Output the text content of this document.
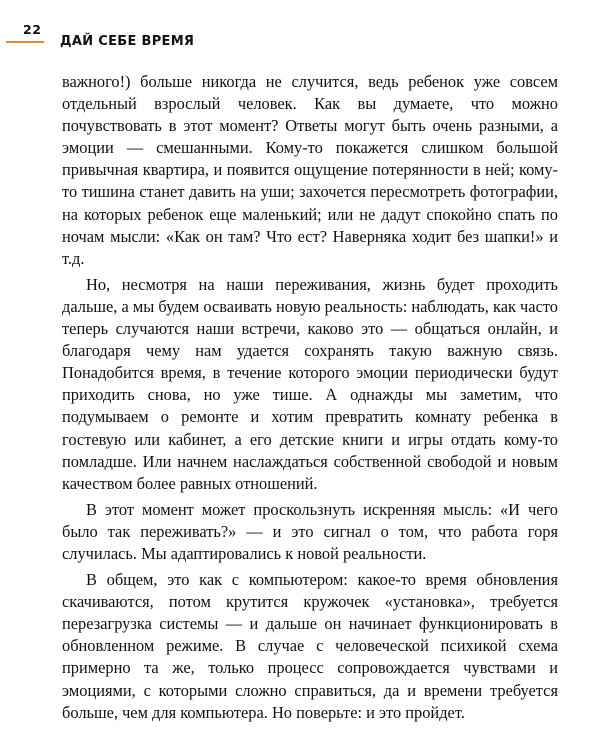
22
ДАЙ СЕБЕ ВРЕМЯ

важного!) больше никогда не случится, ведь ребенок уже совсем отдельный взрослый человек. Как вы думаете, что можно почувствовать в этот момент? Ответы могут быть очень разными, а эмоции — смешанными. Кому-то покажется слишком большой привычная квартира, и появится ощущение потерянности в ней; кому-то тишина станет давить на уши; захочется пересмотреть фотографии, на которых ребенок еще маленький; или не дадут спокойно спать по ночам мысли: «Как он там? Что ест? Наверняка ходит без шапки!» и т.д.

Но, несмотря на наши переживания, жизнь будет проходить дальше, а мы будем осваивать новую реальность: наблюдать, как часто теперь случаются наши встречи, каково это — общаться онлайн, и благодаря чему нам удается сохранять такую важную связь. Понадобится время, в течение которого эмоции периодически будут приходить снова, но уже тише. А однажды мы заметим, что подумываем о ремонте и хотим превратить комнату ребенка в гостевую или кабинет, а его детские книги и игры отдать кому-то помладше. Или начнем наслаждаться собственной свободой и новым качеством более равных отношений.

В этот момент может проскользнуть искренняя мысль: «И чего было так переживать?» — и это сигнал о том, что работа горя случилась. Мы адаптировались к новой реальности.

В общем, это как с компьютером: какое-то время обновления скачиваются, потом крутится кружочек «установка», требуется перезагрузка системы — и дальше он начинает функционировать в обновленном режиме. В случае с человеческой психикой схема примерно та же, только процесс сопровождается чувствами и эмоциями, с которыми сложно справиться, да и времени требуется больше, чем для компьютера. Но поверьте: и это пройдет.
